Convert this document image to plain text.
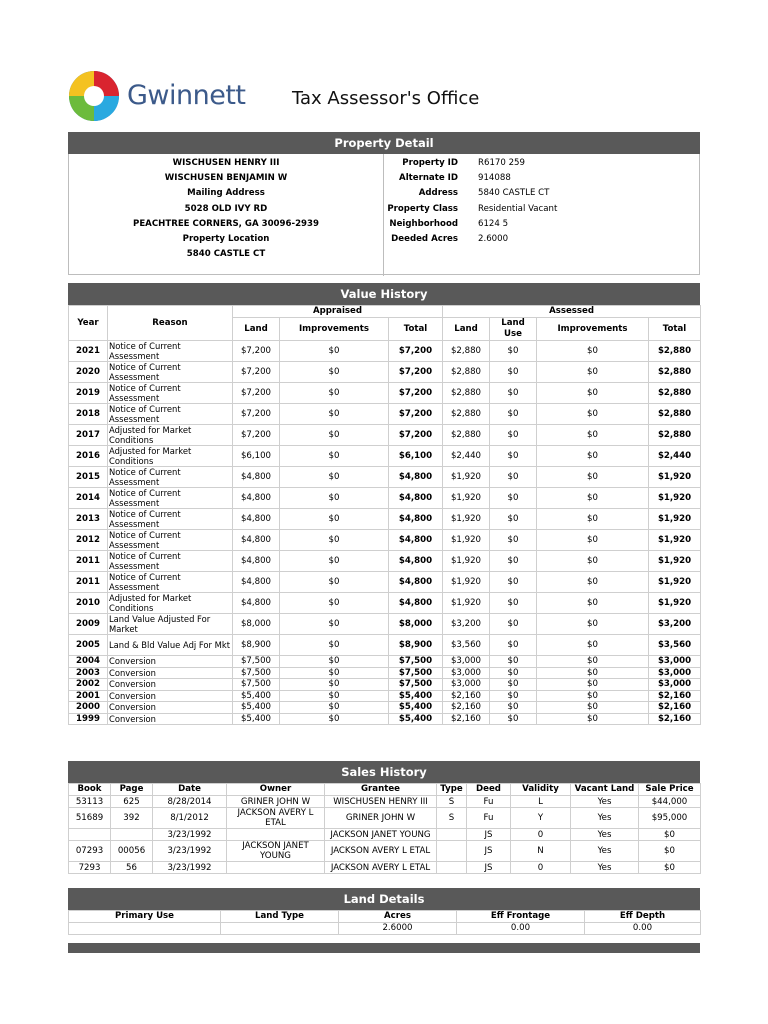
Gwinnett	Tax Assessor's Office
Property Detail
WISCHUSEN HENRY III
WISCHUSEN BENJAMIN W
Mailing Address
5028 OLD IVY RD
PEACHTREE CORNERS, GA 30096-2939
Property Location
5840 CASTLE CT
Property ID R6170 259
Alternate ID 914088
Address 5840 CASTLE CT
Property Class Residential Vacant
Neighborhood 6124 5
Deeded Acres 2.6000
Value History
Year	Reason	Appraised			Assessed			
		Land	Improvements	Total	Land	Land Use	Improvements	Total
2021	Notice of Current Assessment	$7,200	$0	$7,200	$2,880	$0	$0	$2,880
2020	Notice of Current Assessment	$7,200	$0	$7,200	$2,880	$0	$0	$2,880
2019	Notice of Current Assessment	$7,200	$0	$7,200	$2,880	$0	$0	$2,880
2018	Notice of Current Assessment	$7,200	$0	$7,200	$2,880	$0	$0	$2,880
2017	Adjusted for Market Conditions	$7,200	$0	$7,200	$2,880	$0	$0	$2,880
2016	Adjusted for Market Conditions	$6,100	$0	$6,100	$2,440	$0	$0	$2,440
2015	Notice of Current Assessment	$4,800	$0	$4,800	$1,920	$0	$0	$1,920
2014	Notice of Current Assessment	$4,800	$0	$4,800	$1,920	$0	$0	$1,920
2013	Notice of Current Assessment	$4,800	$0	$4,800	$1,920	$0	$0	$1,920
2012	Notice of Current Assessment	$4,800	$0	$4,800	$1,920	$0	$0	$1,920
2011	Notice of Current Assessment	$4,800	$0	$4,800	$1,920	$0	$0	$1,920
2011	Notice of Current Assessment	$4,800	$0	$4,800	$1,920	$0	$0	$1,920
2010	Adjusted for Market Conditions	$4,800	$0	$4,800	$1,920	$0	$0	$1,920
2009	Land Value Adjusted For Market	$8,000	$0	$8,000	$3,200	$0	$0	$3,200
2005	Land & Bld Value Adj For Mkt	$8,900	$0	$8,900	$3,560	$0	$0	$3,560
2004	Conversion	$7,500	$0	$7,500	$3,000	$0	$0	$3,000
2003	Conversion	$7,500	$0	$7,500	$3,000	$0	$0	$3,000
2002	Conversion	$7,500	$0	$7,500	$3,000	$0	$0	$3,000
2001	Conversion	$5,400	$0	$5,400	$2,160	$0	$0	$2,160
2000	Conversion	$5,400	$0	$5,400	$2,160	$0	$0	$2,160
1999	Conversion	$5,400	$0	$5,400	$2,160	$0	$0	$2,160
Sales History
Book	Page	Date	Owner	Grantee	Type	Deed	Validity	Vacant Land	Sale Price
53113	625	8/28/2014	GRINER JOHN W	WISCHUSEN HENRY III	S	Fu	L	Yes	$44,000
51689	392	8/1/2012	JACKSON AVERY L ETAL	GRINER JOHN W	S	Fu	Y	Yes	$95,000
		3/23/1992		JACKSON JANET YOUNG		JS	0	Yes	$0
07293	00056	3/23/1992	JACKSON JANET YOUNG	JACKSON AVERY L ETAL		JS	N	Yes	$0
7293	56	3/23/1992		JACKSON AVERY L ETAL		JS	0	Yes	$0
Land Details
Primary Use	Land Type	Acres	Eff Frontage	Eff Depth
		2.6000	0.00	0.00
